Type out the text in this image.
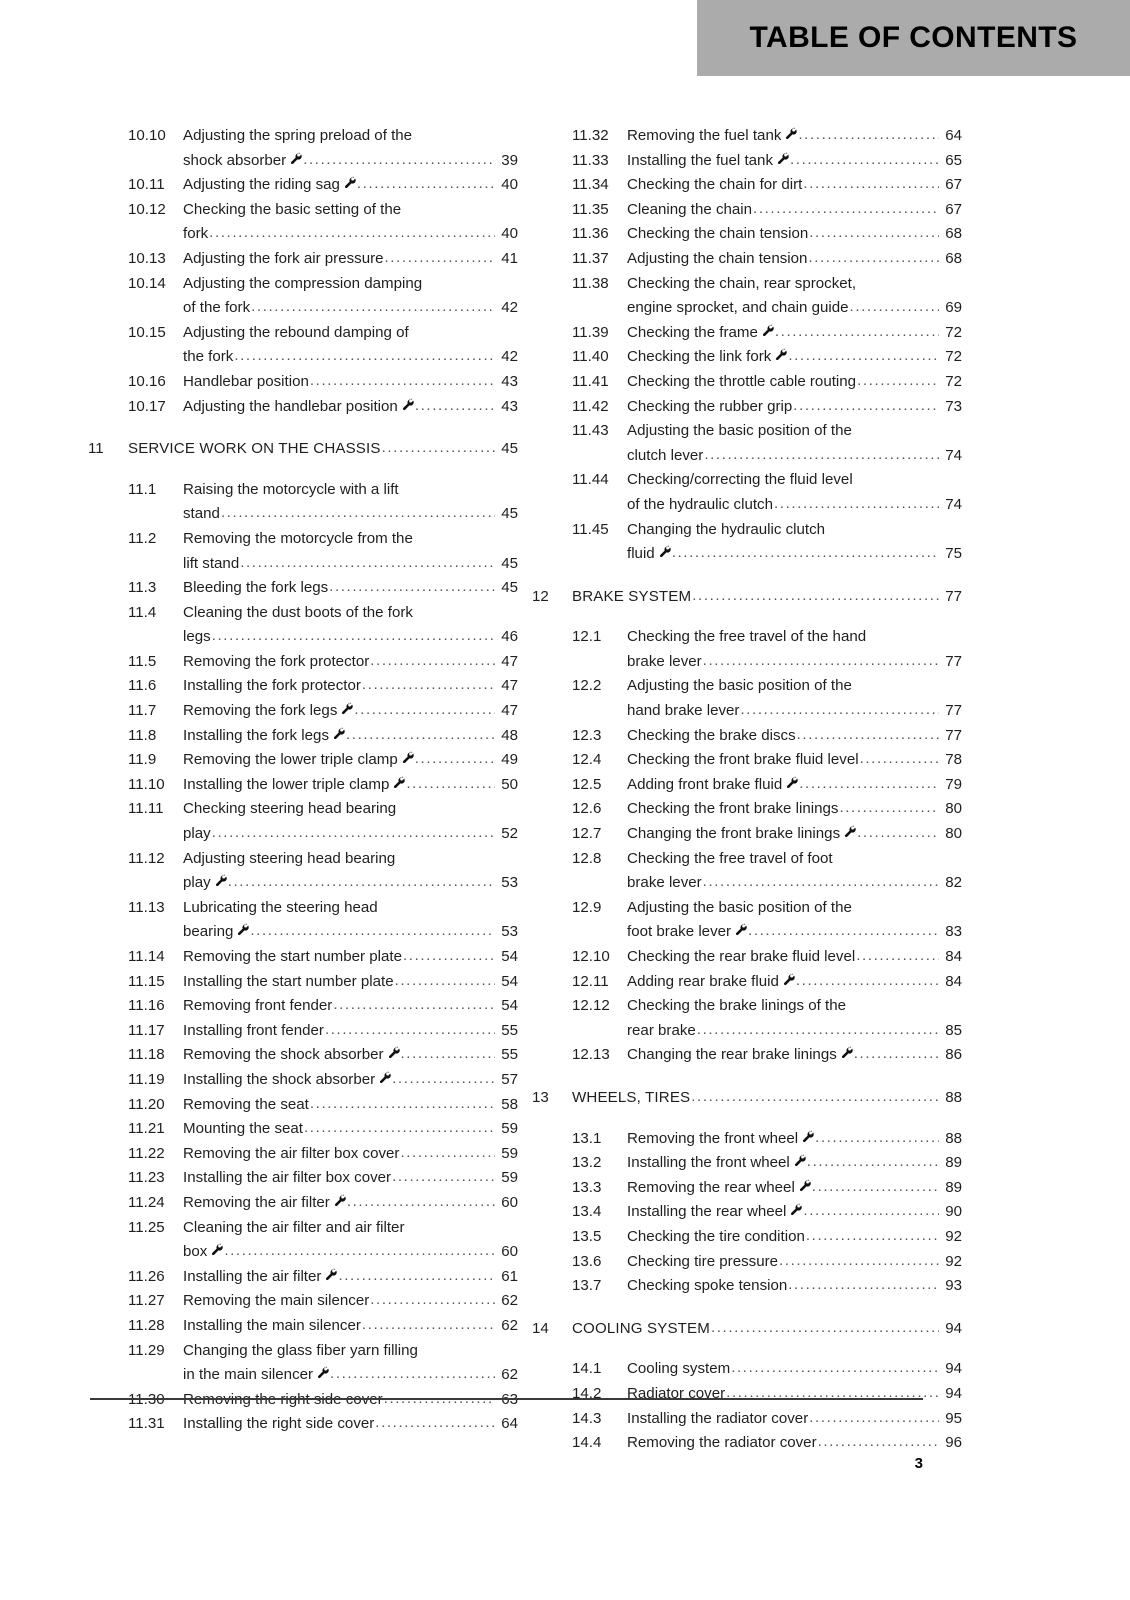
TABLE OF CONTENTS
10.10	Adjusting the spring preload of the
shock absorber .....	39
10.11	Adjusting the riding sag .....	40
10.12	Checking the basic setting of the
fork .....	40
10.13	Adjusting the fork air pressure .....	41
10.14	Adjusting the compression damping
of the fork .....	42
10.15	Adjusting the rebound damping of
the fork .....	42
10.16	Handlebar position .....	43
10.17	Adjusting the handlebar position .....	43
11	SERVICE WORK ON THE CHASSIS .....	45
11.1	Raising the motorcycle with a lift
stand .....	45
11.2	Removing the motorcycle from the
lift stand .....	45
11.3	Bleeding the fork legs .....	45
11.4	Cleaning the dust boots of the fork
legs .....	46
11.5	Removing the fork protector .....	47
11.6	Installing the fork protector .....	47
11.7	Removing the fork legs .....	47
11.8	Installing the fork legs .....	48
11.9	Removing the lower triple clamp .....	49
11.10	Installing the lower triple clamp .....	50
11.11	Checking steering head bearing
play .....	52
11.12	Adjusting steering head bearing
play .....	53
11.13	Lubricating the steering head
bearing .....	53
11.14	Removing the start number plate .....	54
11.15	Installing the start number plate .....	54
11.16	Removing front fender .....	54
11.17	Installing front fender .....	55
11.18	Removing the shock absorber .....	55
11.19	Installing the shock absorber .....	57
11.20	Removing the seat .....	58
11.21	Mounting the seat .....	59
11.22	Removing the air filter box cover .....	59
11.23	Installing the air filter box cover .....	59
11.24	Removing the air filter .....	60
11.25	Cleaning the air filter and air filter
box .....	60
11.26	Installing the air filter .....	61
11.27	Removing the main silencer .....	62
11.28	Installing the main silencer .....	62
11.29	Changing the glass fiber yarn filling
in the main silencer .....	62
11.30	Removing the right side cover .....	63
11.31	Installing the right side cover .....	64
11.32	Removing the fuel tank .....	64
11.33	Installing the fuel tank .....	65
11.34	Checking the chain for dirt .....	67
11.35	Cleaning the chain .....	67
11.36	Checking the chain tension .....	68
11.37	Adjusting the chain tension .....	68
11.38	Checking the chain, rear sprocket,
engine sprocket, and chain guide .....	69
11.39	Checking the frame .....	72
11.40	Checking the link fork .....	72
11.41	Checking the throttle cable routing .....	72
11.42	Checking the rubber grip .....	73
11.43	Adjusting the basic position of the
clutch lever .....	74
11.44	Checking/correcting the fluid level
of the hydraulic clutch .....	74
11.45	Changing the hydraulic clutch
fluid .....	75
12	BRAKE SYSTEM .....	77
12.1	Checking the free travel of the hand
brake lever .....	77
12.2	Adjusting the basic position of the
hand brake lever .....	77
12.3	Checking the brake discs .....	77
12.4	Checking the front brake fluid level .....	78
12.5	Adding front brake fluid .....	79
12.6	Checking the front brake linings .....	80
12.7	Changing the front brake linings .....	80
12.8	Checking the free travel of foot
brake lever .....	82
12.9	Adjusting the basic position of the
foot brake lever .....	83
12.10	Checking the rear brake fluid level .....	84
12.11	Adding rear brake fluid .....	84
12.12	Checking the brake linings of the
rear brake .....	85
12.13	Changing the rear brake linings .....	86
13	WHEELS, TIRES .....	88
13.1	Removing the front wheel .....	88
13.2	Installing the front wheel .....	89
13.3	Removing the rear wheel .....	89
13.4	Installing the rear wheel .....	90
13.5	Checking the tire condition .....	92
13.6	Checking tire pressure .....	92
13.7	Checking spoke tension .....	93
14	COOLING SYSTEM .....	94
14.1	Cooling system .....	94
14.2	Radiator cover .....	94
14.3	Installing the radiator cover .....	95
14.4	Removing the radiator cover .....	96
3
